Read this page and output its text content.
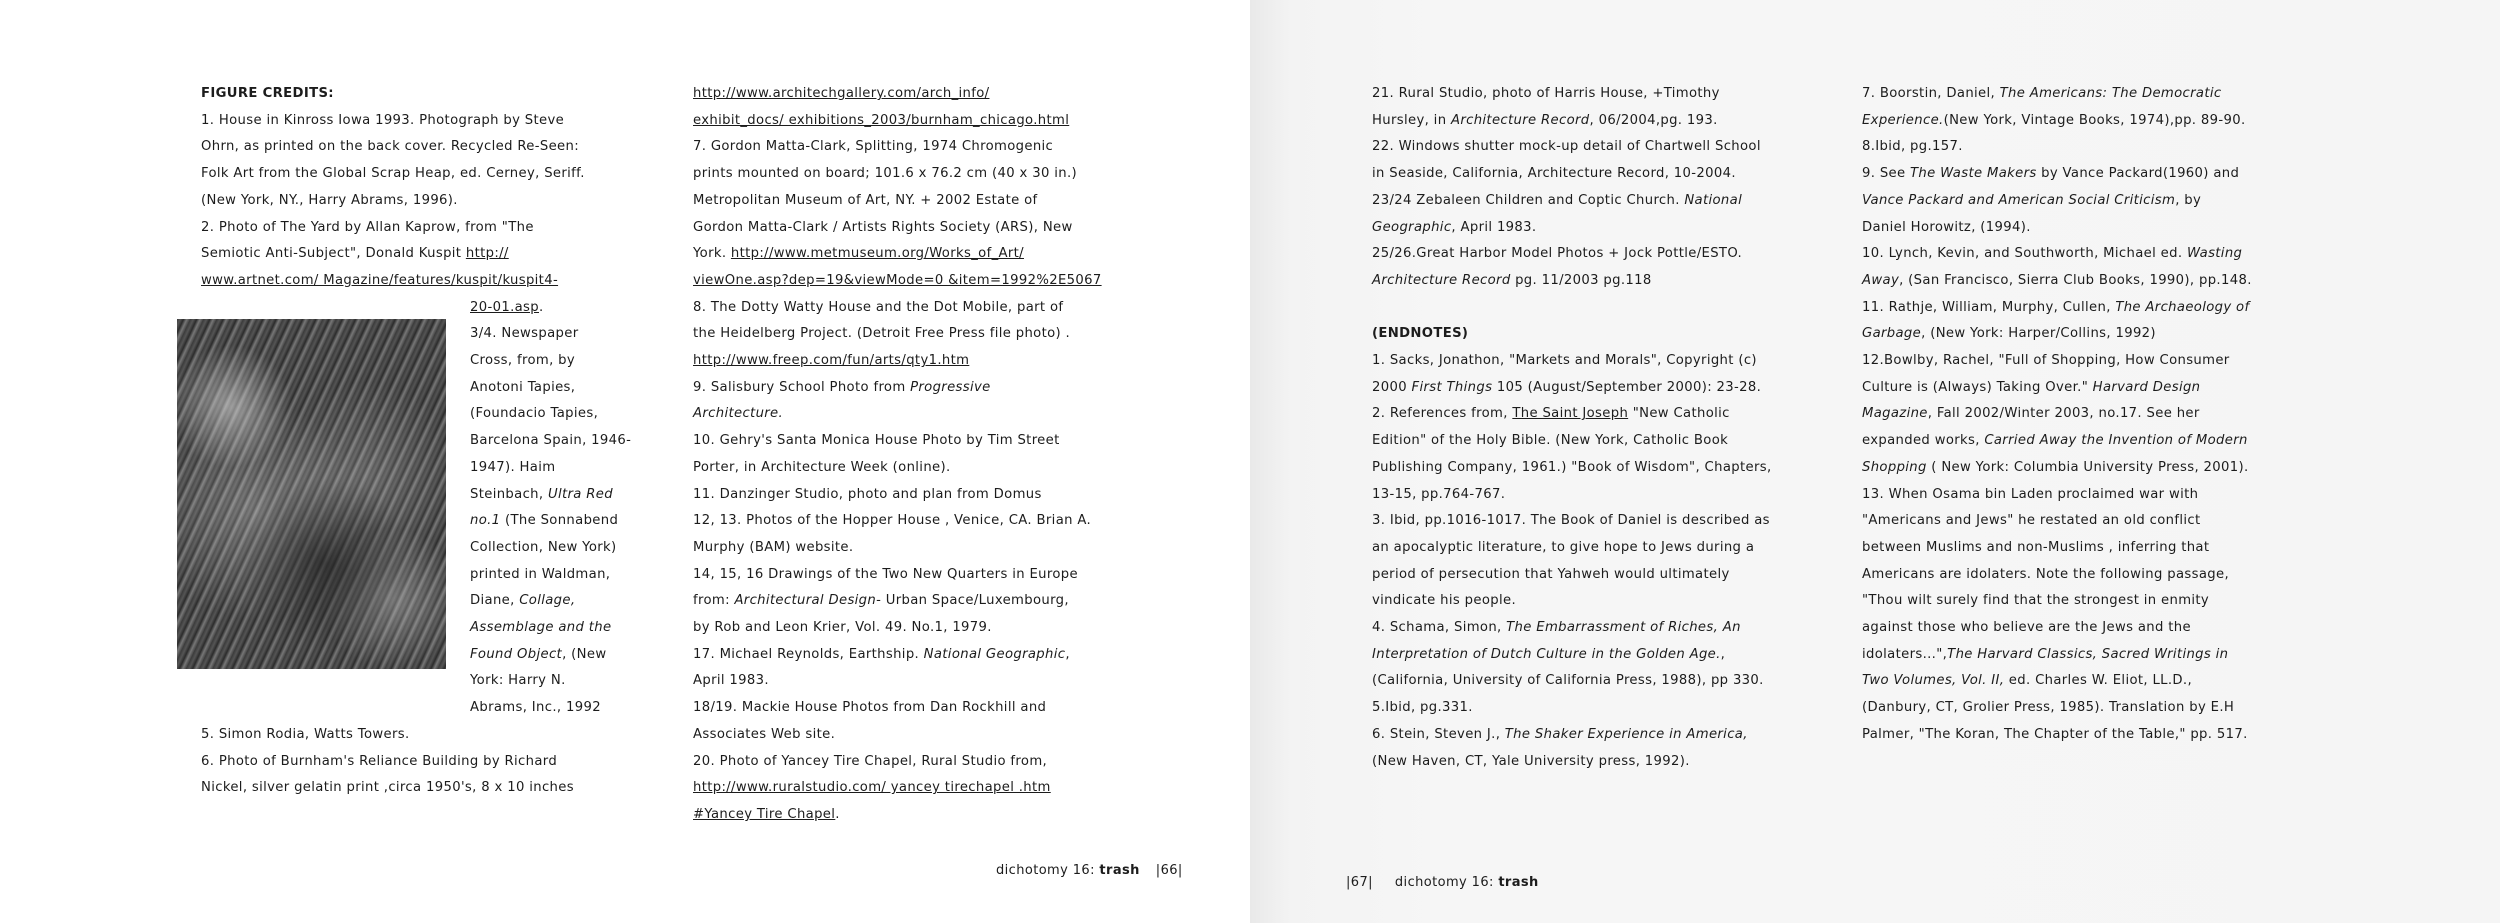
FIGURE CREDITS:
1. House in Kinross Iowa 1993. Photograph by Steve
Ohrn, as printed on the back cover. Recycled Re-Seen:
Folk Art from the Global Scrap Heap, ed. Cerney, Seriff.
(New York, NY., Harry Abrams, 1996).
2. Photo of The Yard by Allan Kaprow, from "The
Semiotic Anti-Subject", Donald Kuspit http://
www.artnet.com/ Magazine/features/kuspit/kuspit4-
20-01.asp.
3/4. Newspaper
Cross, from, by
Anotoni Tapies,
(Foundacio Tapies,
Barcelona Spain, 1946-
1947). Haim
Steinbach, Ultra Red
no.1 (The Sonnabend
Collection, New York)
printed in Waldman,
Diane, Collage,
Assemblage and the
Found Object, (New
York: Harry N.
Abrams, Inc., 1992
5. Simon Rodia, Watts Towers.
6. Photo of Burnham's Reliance Building by Richard
Nickel, silver gelatin print ,circa 1950's, 8 x 10 inches
http://www.architechgallery.com/arch_info/
exhibit_docs/ exhibitions_2003/burnham_chicago.html
7. Gordon Matta-Clark, Splitting, 1974 Chromogenic
prints mounted on board; 101.6 x 76.2 cm (40 x 30 in.)
Metropolitan Museum of Art, NY. + 2002 Estate of
Gordon Matta-Clark / Artists Rights Society (ARS), New
York. http://www.metmuseum.org/Works_of_Art/
viewOne.asp?dep=19&viewMode=0 &item=1992%2E5067
8. The Dotty Watty House and the Dot Mobile, part of
the Heidelberg Project. (Detroit Free Press file photo) .
http://www.freep.com/fun/arts/qty1.htm
9. Salisbury School Photo from Progressive
Architecture.
10. Gehry's Santa Monica House Photo by Tim Street
Porter, in Architecture Week (online).
11. Danzinger Studio, photo and plan from Domus
12, 13. Photos of the Hopper House , Venice, CA. Brian A.
Murphy (BAM) website.
14, 15, 16 Drawings of the Two New Quarters in Europe
from: Architectural Design- Urban Space/Luxembourg,
by Rob and Leon Krier, Vol. 49. No.1, 1979.
17. Michael Reynolds, Earthship. National Geographic,
April 1983.
18/19. Mackie House Photos from Dan Rockhill and
Associates Web site.
20. Photo of Yancey Tire Chapel, Rural Studio from,
http://www.ruralstudio.com/ yancey tirechapel .htm
#Yancey Tire Chapel.
dichotomy 16: trash |66|
21. Rural Studio, photo of Harris House, +Timothy
Hursley, in Architecture Record, 06/2004,pg. 193.
22. Windows shutter mock-up detail of Chartwell School
in Seaside, California, Architecture Record, 10-2004.
23/24 Zebaleen Children and Coptic Church. National
Geographic, April 1983.
25/26.Great Harbor Model Photos + Jock Pottle/ESTO.
Architecture Record pg. 11/2003 pg.118

(ENDNOTES)
1. Sacks, Jonathon, "Markets and Morals", Copyright (c)
2000 First Things 105 (August/September 2000): 23-28.
2. References from, The Saint Joseph "New Catholic
Edition" of the Holy Bible. (New York, Catholic Book
Publishing Company, 1961.) "Book of Wisdom", Chapters,
13-15, pp.764-767.
3. Ibid, pp.1016-1017. The Book of Daniel is described as
an apocalyptic literature, to give hope to Jews during a
period of persecution that Yahweh would ultimately
vindicate his people.
4. Schama, Simon, The Embarrassment of Riches, An
Interpretation of Dutch Culture in the Golden Age.,
(California, University of California Press, 1988), pp 330.
5.Ibid, pg.331.
6. Stein, Steven J., The Shaker Experience in America,
(New Haven, CT, Yale University press, 1992).
7. Boorstin, Daniel, The Americans: The Democratic
Experience.(New York, Vintage Books, 1974),pp. 89-90.
8.Ibid, pg.157.
9. See The Waste Makers by Vance Packard(1960) and
Vance Packard and American Social Criticism, by
Daniel Horowitz, (1994).
10. Lynch, Kevin, and Southworth, Michael ed. Wasting
Away, (San Francisco, Sierra Club Books, 1990), pp.148.
11. Rathje, William, Murphy, Cullen, The Archaeology of
Garbage, (New York: Harper/Collins, 1992)
12.Bowlby, Rachel, "Full of Shopping, How Consumer
Culture is (Always) Taking Over." Harvard Design
Magazine, Fall 2002/Winter 2003, no.17. See her
expanded works, Carried Away the Invention of Modern
Shopping ( New York: Columbia University Press, 2001).
13. When Osama bin Laden proclaimed war with
"Americans and Jews" he restated an old conflict
between Muslims and non-Muslims , inferring that
Americans are idolaters. Note the following passage,
"Thou wilt surely find that the strongest in enmity
against those who believe are the Jews and the
idolaters...",The Harvard Classics, Sacred Writings in
Two Volumes, Vol. II, ed. Charles W. Eliot, LL.D.,
(Danbury, CT, Grolier Press, 1985). Translation by E.H
Palmer, "The Koran, The Chapter of the Table," pp. 517.
|67| dichotomy 16: trash
